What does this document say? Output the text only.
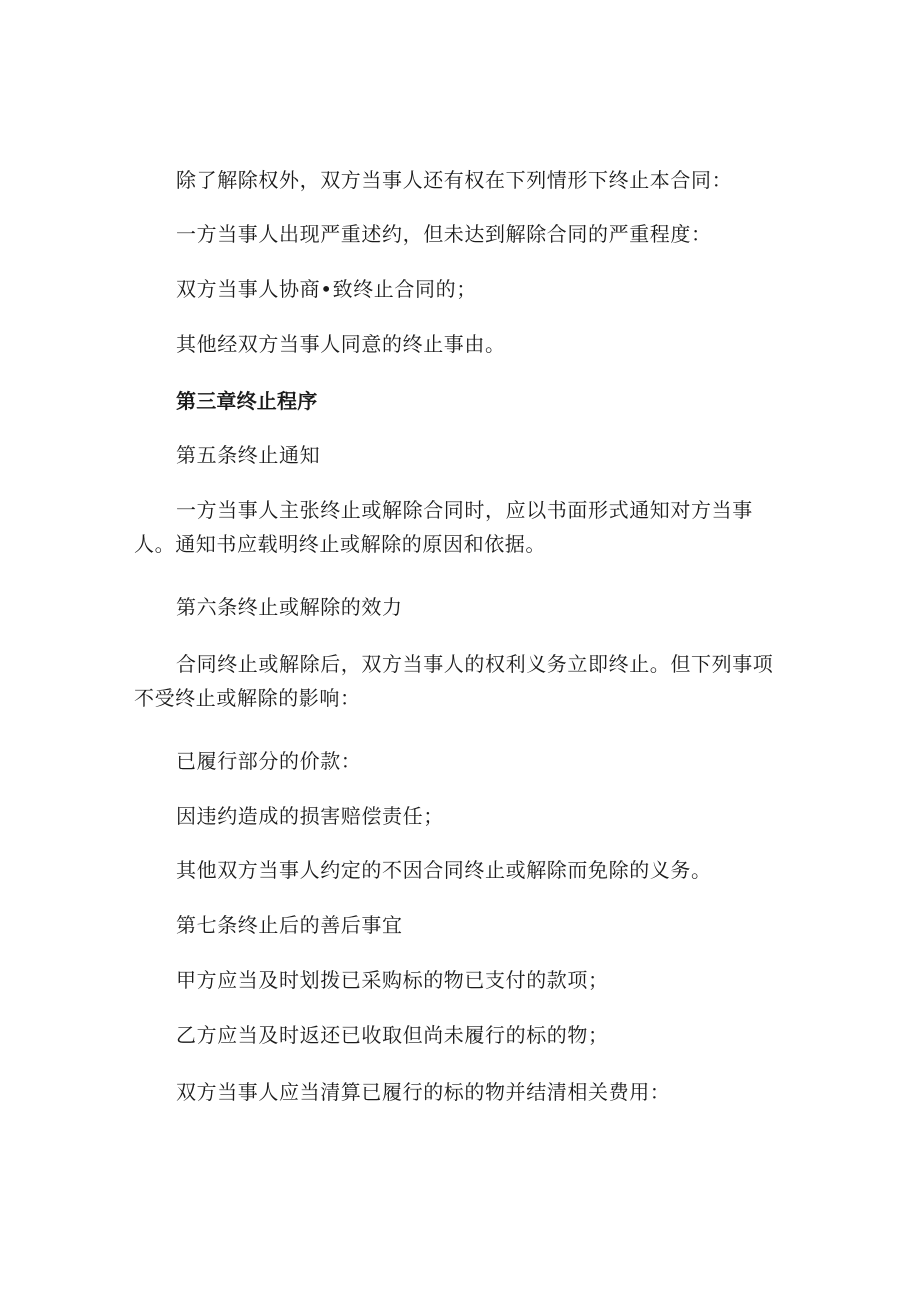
除了解除权外，双方当事人还有权在下列情形下终止本合同：

一方当事人出现严重述约，但未达到解除合同的严重程度：

双方当事人协商•致终止合同的；

其他经双方当事人同意的终止事由。

第三章终止程序

第五条终止通知

一方当事人主张终止或解除合同时，应以书面形式通知对方当事人。通知书应载明终止或解除的原因和依据。

第六条终止或解除的效力

合同终止或解除后，双方当事人的权利义务立即终止。但下列事项不受终止或解除的影响：

已履行部分的价款：

因违约造成的损害赔偿责任；

其他双方当事人约定的不因合同终止或解除而免除的义务。

第七条终止后的善后事宜

甲方应当及时划拨已采购标的物已支付的款项；

乙方应当及时返还已收取但尚未履行的标的物；

双方当事人应当清算已履行的标的物并结清相关费用：
